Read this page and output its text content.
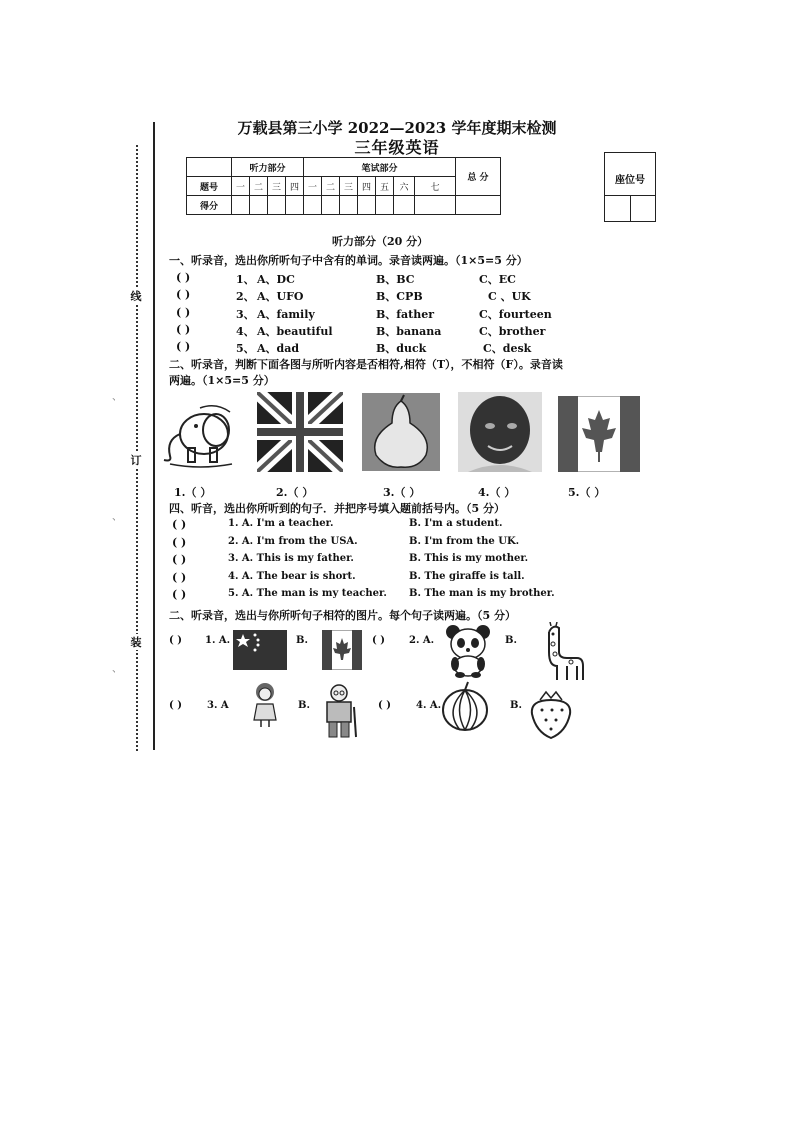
线
订
装
、
、
、
万载县第三小学 2022—2023 学年度期末检测
三年级英语
	听力部分				笔试部分							总 分
题号	一	二	三	四	一	二	三	四	五	六	七	
得分												
座位号
听力部分（20 分）
一、听录音，选出你所听句子中含有的单词。录音读两遍。（1×5=5 分）
( )	1、 A、DC	B、BC	C、EC
( )	2、 A、UFO	B、CPB	C 、UK
( )	3、 A、family	B、father	C、fourteen
( )	4、 A、beautiful	B、banana	C、brother
( )	5、 A、dad	B、duck	C、desk
二、听录音，判断下面各图与所听内容是否相符,相符（T），不相符（F）。录音读
两遍。（1×5=5 分）
1.（ ）	2.（ ）	3.（ ）	4.（ ）	5.（ ）
四、听音，选出你所听到的句子．并把序号填入题前括号内。（5 分）
( )	1. A. I'm a teacher.	B. I'm a student.
( )	2. A. I'm from the USA.	B. I'm from the UK.
( )	3. A. This is my father.	B. This is my mother.
( )	4. A. The bear is short.	B. The giraffe is tall.
( )	5. A. The man is my teacher. B. The man is my brother.
二、听录音，选出与你所听句子相符的图片。每个句子读两遍。（5 分）
( ) 1. A.	B.	( ) 2. A.	B.
( )	3. A	B.	( )	4. A.	B.
